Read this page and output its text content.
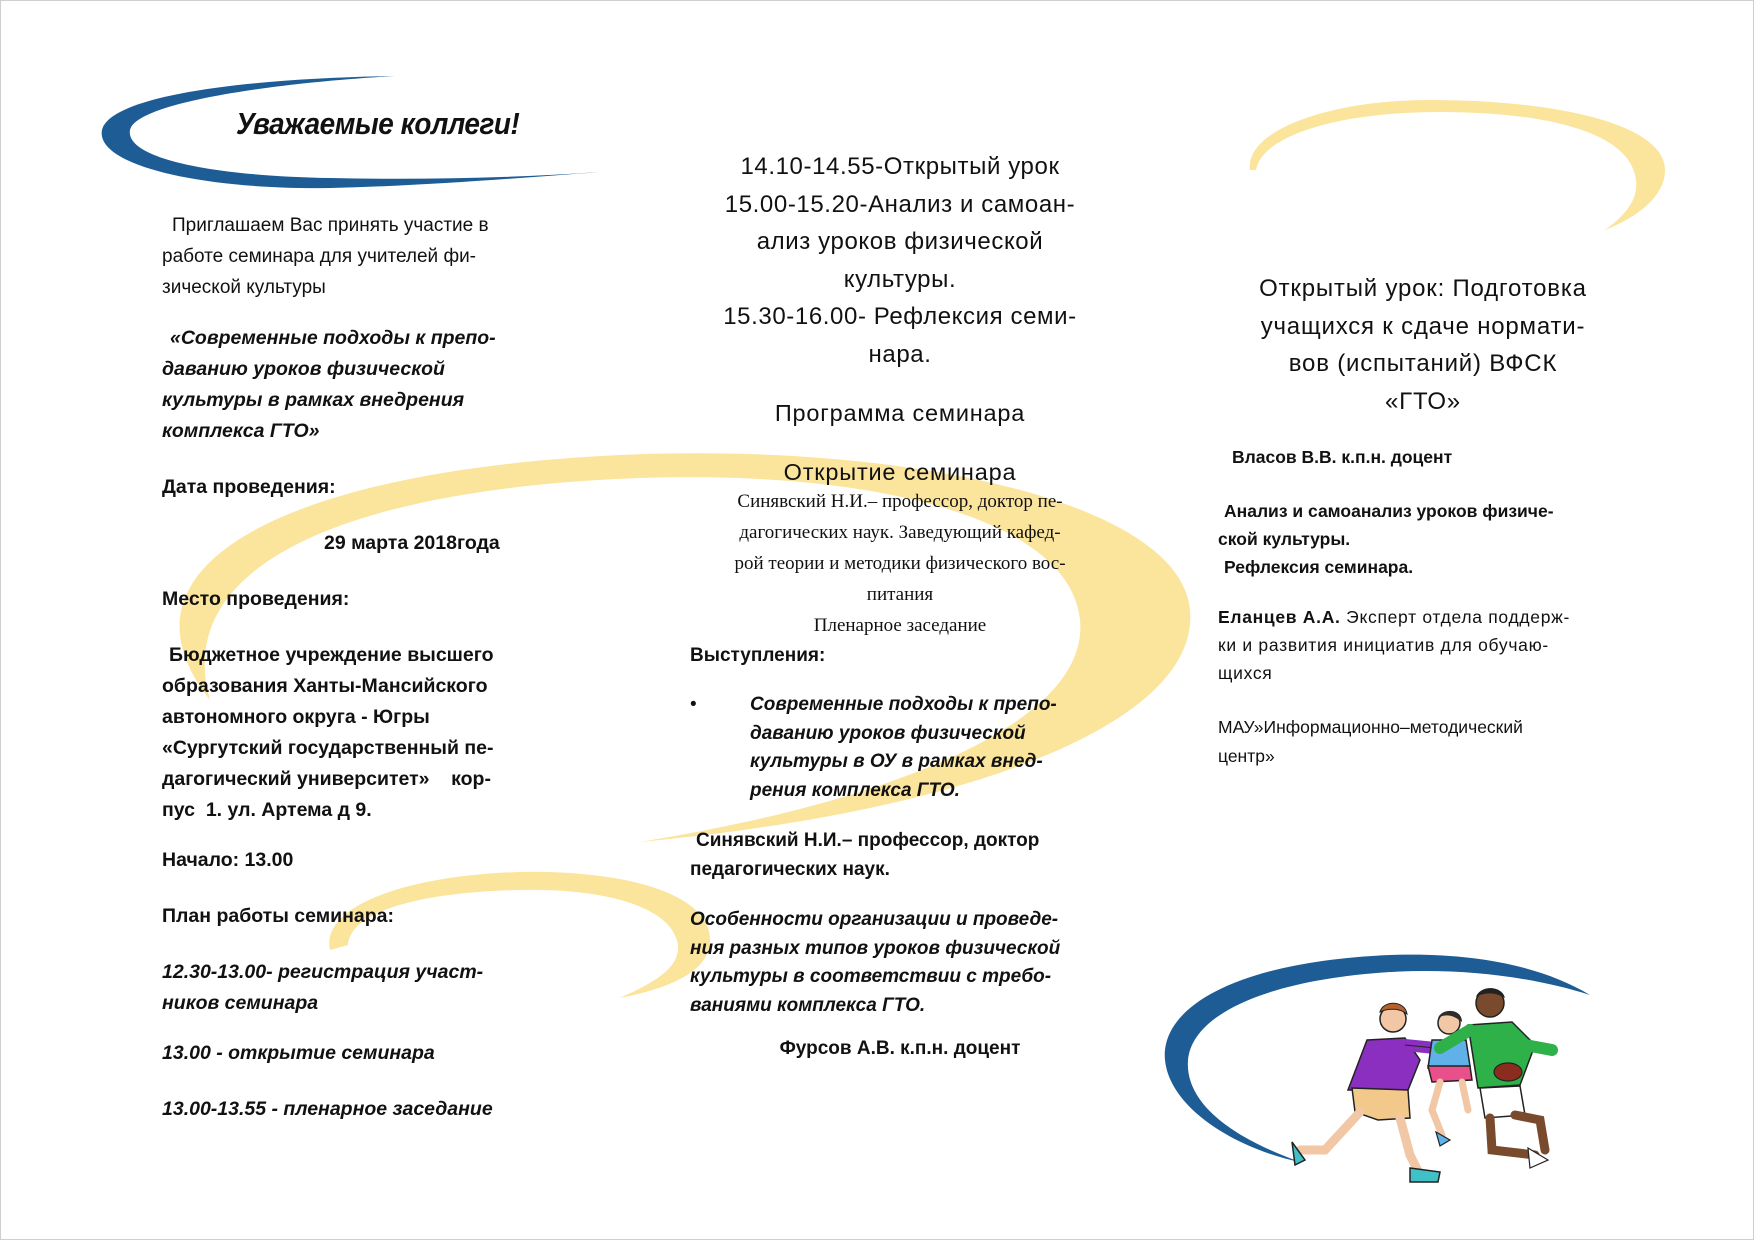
Уважаемые коллеги!
Приглашаем Вас принять участие в
работе семинара для учителей фи-
зической культуры
«Современные подходы к препо-
даванию уроков физической
культуры в рамках внедрения
комплекса ГТО»
Дата проведения:
29 марта 2018года
Место проведения:
Бюджетное учреждение высшего
образования Ханты-Мансийского
автономного округа - Югры
«Сургутский государственный пе-
дагогический университет»    кор-
пус  1. ул. Артема д 9.
Начало: 13.00
План работы семинара:
12.30-13.00- регистрация участ-
ников семинара
13.00 - открытие семинара
13.00-13.55 - пленарное заседание
14.10-14.55-Открытый урок
15.00-15.20-Анализ и самоан-
ализ уроков физической
культуры.
15.30-16.00- Рефлексия семи-
нара.
Программа семинара
Открытие семинара
Синявский Н.И.– профессор, доктор пе-
дагогических наук. Заведующий кафед-
рой теории и методики физического вос-
питания
Пленарное заседание
Выступления:
•	Современные подходы к препо-
даванию уроков физической
культуры в ОУ в рамках внед-
рения комплекса ГТО.
Синявский Н.И.– профессор, доктор
педагогических наук.
Особенности организации и проведе-
ния разных типов уроков физической
культуры в соответствии с требо-
ваниями комплекса ГТО.
Фурсов А.В. к.п.н. доцент
Открытый урок: Подготовка
учащихся к сдаче нормати-
вов (испытаний) ВФСК
«ГТО»
Власов В.В. к.п.н. доцент
Анализ и самоанализ уроков физиче-
ской культуры.
Рефлексия семинара.
Еланцев А.А. Эксперт отдела поддерж-
ки и развития инициатив для обучаю-
щихся
МАУ»Информационно–методический
центр»
